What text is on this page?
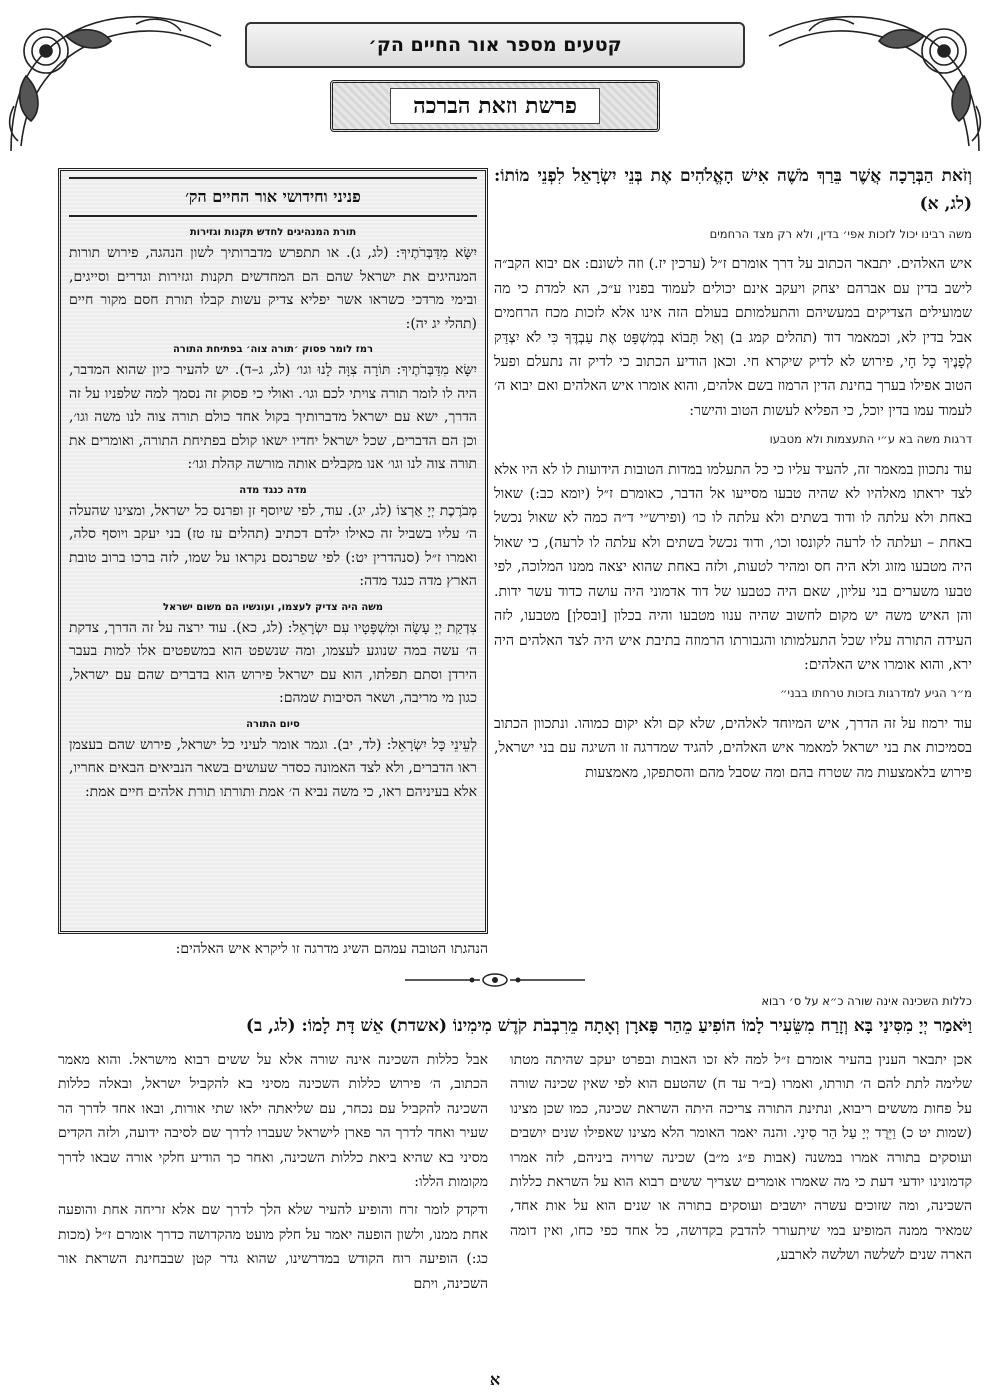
קטעים מספר אור החיים הק׳
פרשת וזאת הברכה

וְזֹאת הַבְּרָכָה אֲשֶׁר בֵּרַךְ מֹשֶׁה אִישׁ הָאֱלֹהִים אֶת בְּנֵי יִשְׂרָאֵל לִפְנֵי מוֹתוֹ: (לג, א)

משה רבינו יכול לזכות אפי׳ בדין, ולא רק מצד הרחמים

איש האלהים. יתבאר הכתוב על דרך אומרם ז״ל (ערכין יז.) וזה לשונם: אם יבוא הקב״ה לישב בדין עם אברהם יצחק ויעקב אינם יכולים לעמוד בפניו ע״כ, הא למדת כי מה שמועילים הצדיקים במעשיהם והתעלמותם בעולם הזה אינו אלא לזכות מכח הרחמים אבל בדין לא, וכמאמר דוד (תהלים קמג ב) וְאַל תָּבוֹא בְמִשְׁפָּט אֶת עַבְדֶּךָ כִּי לֹא יִצְדַּק לְפָנֶיךָ כָל חָי, פירוש לא לדיק שיקרא חי. וכאן הודיע הכתוב כי לדיק זה נתעלם ופעל הטוב אפילו בערך בחינת הדין הרמוז בשם אלהים, והוא אומרו איש האלהים ואם יבוא ה׳ לעמוד עמו בדין יוכל, כי הפליא לעשות הטוב והישר:

דרגות משה בא ע״י התעצמות ולא מטבעו

עוד נתכוון במאמר זה, להעיד עליו כי כל התעלמו במדות הטובות הידועות לו לא היו אלא לצד יראתו מאלהיו לא שהיה טבעו מסייעו אל הדבר, כאומרם ז״ל (יומא כב:) שאול באחת ולא עלתה לו ודוד בשתים ולא עלתה לו כו׳ (ופירש״י ד״ה כמה לא שאול נכשל באחת – ועלתה לו לרעה לקונסו וכו׳, ודוד נכשל בשתים ולא עלתה לו לרעה), כי שאול היה מטבעו מזוג ולא היה חס ומהיר לטעות, ולזה באחת שהוא יצאה ממנו המלוכה, לפי טבעו משערים בני עליון, שאם היה כטבעו של דוד אדמוני היה עושה כדוד עשר ידות. והן האיש משה יש מקום לחשוב שהיה ענוו מטבעו והיה בכלון [ובסלן] מטבעו, לזה העידה התורה עליו שכל התעלמותו והגבורתו הרמוזה בתיבת איש היה לצד האלהים היה ירא, והוא אומרו איש האלהים:

מ״ר הגיע למדרגות בזכות טרחתו בבני״

עוד ירמוז על זה הדרך, איש המיוחד לאלהים, שלא קם ולא יקום כמוהו. ונתכוון הכתוב בסמיכות את בני ישראל למאמר איש האלהים, להגיד שמדרגה זו השיגה עם בני ישראל, פירוש בלאמצעות מה שטרח בהם ומה שסבל מהם והסתפקו, מאמצעות

פניני וחידושי אור החיים הק׳
תורת המנהיגים לחדש תקנות וגזירות

יִשָּׂא מִדַּבְּרֹתֶיךָ: (לג, ג). או תתפרש מדברותיך לשון הנהגה, פירוש תורות המנהיגים את ישראל שהם הם המחדשים תקנות וגזירות וגדרים וסייגים, ובימי מרדכי כשראו אשר יפליא צדיק עשות קבלו תורת חסם מקור חיים (תהלי יג יה):

רמז לומר פסוק ׳תורה צוה׳ בפתיחת התורה

יִשָּׂא מִדַּבְּרֹתֶיךָ: תּוֹרָה צִוָּה לָנוּ וגו׳ (לג, ג–ד). יש להעיר כיון שהוא המדבר, היה לו לומר תורה צויתי לכם וגו׳. ואולי כי פסוק זה נסמך למה שלפניו על זה הדרך, ישא עם ישראל מדברותיך בקול אחד כולם תורה צוה לנו משה וגו׳, וכן הם הדברים, שכל ישראל יחדיו ישאו קולם בפתיחת התורה, ואומרים את תורה צוה לנו וגו׳ אנו מקבלים אותה מורשה קהלת וגו׳:

מדה כנגד מדה

מְבֹרֶכֶת יְיָ אַרְצוֹ (לג, יג). עוד, לפי שיוסף זן ופרנס כל ישראל, ומצינו שהעלה ה׳ עליו בשביל זה כאילו ילדם דכתיב (תהלים עז טז) בני יעקב ויוסף סלה, ואמרו ז״ל (סנהדרין יט:) לפי שפרנסם נקראו על שמו, לזה ברכו ברוב טובת הארץ מדה כנגד מדה:

משה היה צדיק לעצמו, ועונשיו הם משום ישראל

צִדְקַת יְיָ עָשָׂה וּמִשְׁפָּטָיו עִם יִשְׂרָאֵל: (לג, כא). עוד ירצה על זה הדרך, צדקת ה׳ עשה במה שנוגע לעצמו, ומה שנשפט הוא במשפטים אלו למות בעבר הירדן וסתם תפלתו, הוא עם ישראל פירוש הוא בדברים שהם עם ישראל, כגון מי מריבה, ושאר הסיבות שמהם:

סיום התורה

לְעֵינֵי כָּל יִשְׂרָאֵל: (לד, יב). וגמר אומר לעיני כל ישראל, פירוש שהם בעצמן ראו הדברים, ולא לצד האמונה כסדר שעושים בשאר הנביאים הבאים אחריו, אלא בעיניהם ראו, כי משה נביא ה׳ אמת ותורתו תורת אלהים חיים אמת:

הנהגתו הטובה עמהם השיג מדרגה זו ליקרא איש האלהים:

כללות השכינה אינה שורה כ״א על ס׳ רבוא

וַיֹּאמַר יְיָ מִסִּינַי בָּא וְזָרַח מִשֵּׂעִיר לָמוֹ הוֹפִיעַ מֵהַר פָּארָן וְאָתָה מֵרִבְבֹת קֹדֶשׁ מִימִינוֹ (אשדת) אֵשׁ דָּת לָמוֹ: (לג, ב)

אכן יתבאר הענין בהעיר אומרם ז״ל למה לא זכו האבות ובפרט יעקב שהיתה מטתו שלימה לתת להם ה׳ תורתו, ואמרו (ב״ר עד ח) שהטעם הוא לפי שאין שכינה שורה על פחות מששים ריבוא, ונתינת התורה צריכה היתה השראת שכינה, כמו שכן מצינו (שמות יט כ) וַיֵּרֶד יְיָ עַל הַר סִינַי. והנה יאמר האומר הלא מצינו שאפילו שנים יושבים ועוסקים בתורה אמרו במשנה (אבות פ״ג מ״ב) שכינה שרויה ביניהם, לזה אמרו קדמונינו יודעי דעת כי מה שאמרו אומרים שצריך ששים רבוא הוא על השראת כללות השכינה, ומה שזוכים עשרה יושבים ועוסקים בתורה או שנים הוא על אות אחד, שמאיר ממנה המופיע במי שיתעורר להדבק בקדושה, כל אחד כפי כחו, ואין דומה הארה שנים לשלשה ושלשה לארבע,

אבל כללות השכינה אינה שורה אלא על ששים רבוא מישראל. והוא מאמר הכתוב, ה׳ פירוש כללות השכינה מסיני בא להקביל ישראל, ובאלה כללות השכינה להקביל עם נכחר, עם שליאתה ילאו שתי אורות, ובאו אחד לדרך הר שעיר ואחד לדרך הר פארן לישראל שעברו לדרך שם לסיבה ידועה, ולזה הקדים מסיני בא שהיא ביאת כללות השכינה, ואחר כך הודיע חלקי אורה שבאו לדרך מקומות הללו:

ודקדק לומר זרח והופיע להעיר שלא הלך לדרך שם אלא זריחה אחת והופעה אחת ממנו, ולשון הופעה יאמר על חלק מועט מהקדושה כדרך אומרם ז״ל (מכות כג:) הופיעה רוח הקודש במדרשינו, שהוא גדר קטן שבבחינת השראת אור השכינה, ויתם

א
